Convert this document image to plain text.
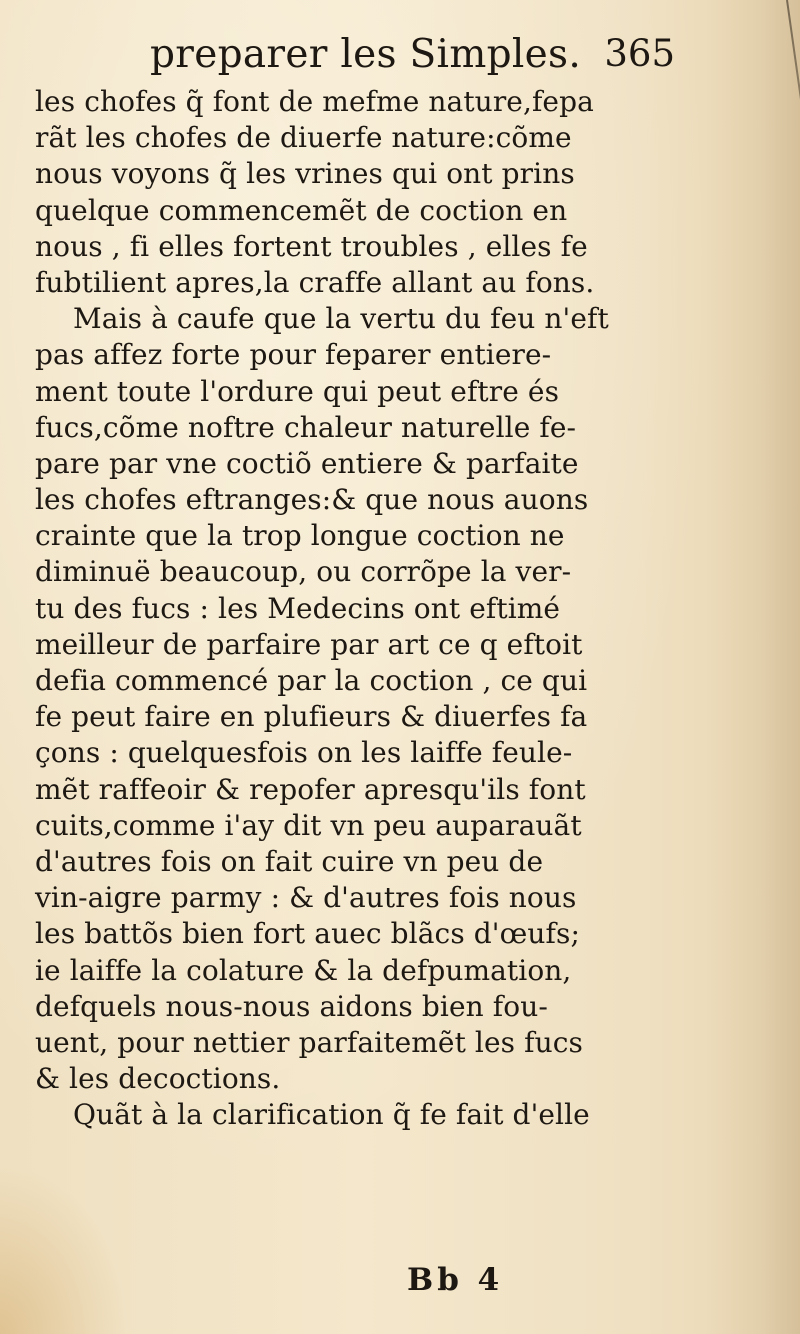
preparer les Simples. 365
les chofes q̃ font de mefme nature,fepa
rãt les chofes de diuerfe nature:cõme
nous voyons q̃ les vrines qui ont prins
quelque commencemẽt de coction en
nous , fi elles fortent troubles , elles fe
fubtilient apres,la craffe allant au fons.
Mais à caufe que la vertu du feu n'eft
pas affez forte pour feparer entiere-
ment toute l'ordure qui peut eftre és
fucs,cõme noftre chaleur naturelle fe-
pare par vne coctiõ entiere & parfaite
les chofes eftranges:& que nous auons
crainte que la trop longue coction ne
diminuë beaucoup, ou corrõpe la ver-
tu des fucs : les Medecins ont eftimé
meilleur de parfaire par art ce q eftoit
defia commencé par la coction , ce qui
fe peut faire en plufieurs & diuerfes fa
çons : quelquesfois on les laiffe feule-
mẽt raffeoir & repofer apresqu'ils font
cuits,comme i'ay dit vn peu auparauãt
d'autres fois on fait cuire vn peu de
vin-aigre parmy : & d'autres fois nous
les battõs bien fort auec blãcs d'œufs;
ie laiffe la colature & la defpumation,
defquels nous-nous aidons bien fou-
uent, pour nettier parfaitemẽt les fucs
& les decoctions.
Quãt à la clarification q̃ fe fait d'elle
Bb 4
